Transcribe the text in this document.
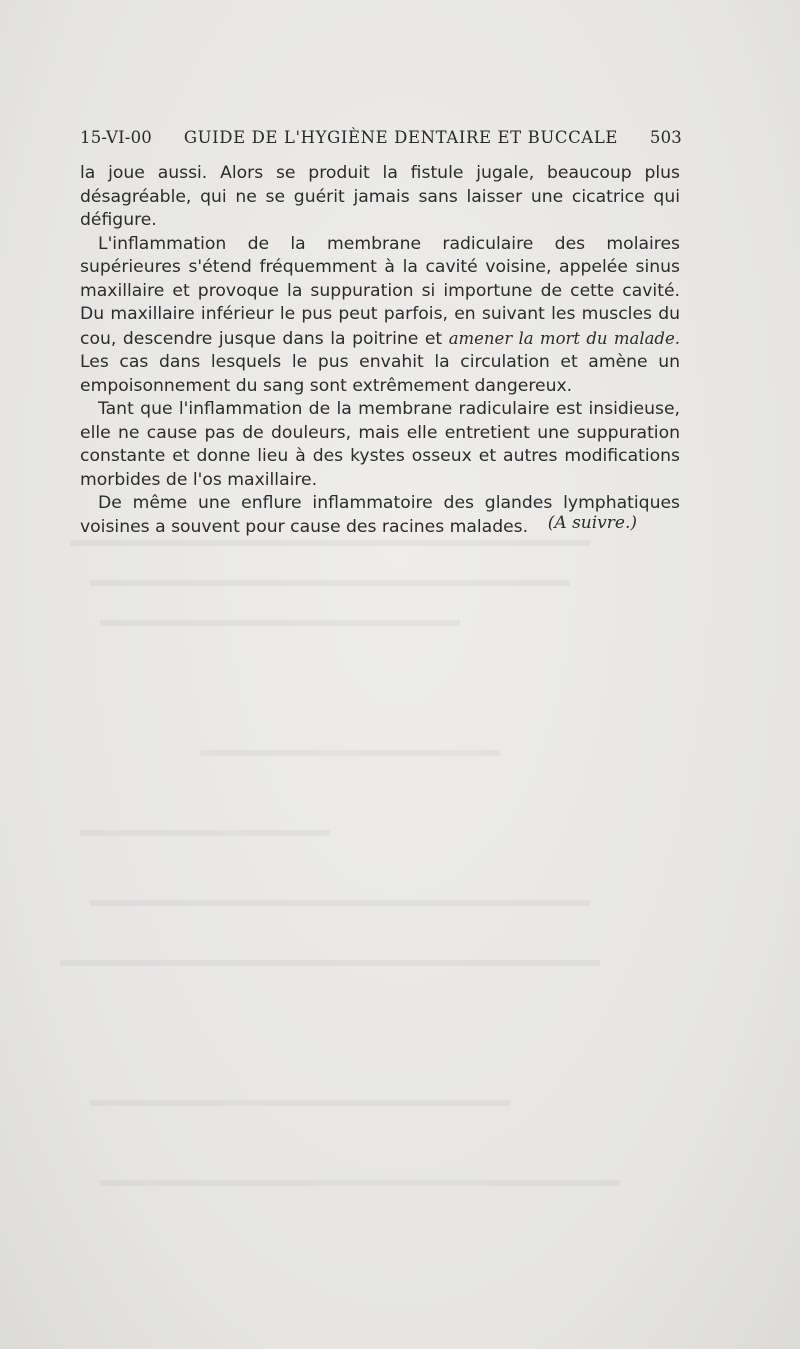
15-VI-00 GUIDE DE L'HYGIÈNE DENTAIRE ET BUCCALE 503

la joue aussi. Alors se produit la fistule jugale, beaucoup plus désagréable, qui ne se guérit jamais sans laisser une cicatrice qui défigure.

L'inflammation de la membrane radiculaire des molaires supérieures s'étend fréquemment à la cavité voisine, appelée sinus maxillaire et provoque la suppuration si importune de cette cavité. Du maxillaire inférieur le pus peut parfois, en suivant les muscles du cou, descendre jusque dans la poitrine et amener la mort du malade. Les cas dans lesquels le pus envahit la circulation et amène un empoisonnement du sang sont extrêmement dangereux.

Tant que l'inflammation de la membrane radiculaire est insidieuse, elle ne cause pas de douleurs, mais elle entretient une suppuration constante et donne lieu à des kystes osseux et autres modifications morbides de l'os maxillaire.

De même une enflure inflammatoire des glandes lymphatiques voisines a souvent pour cause des racines malades.	(A suivre.)
